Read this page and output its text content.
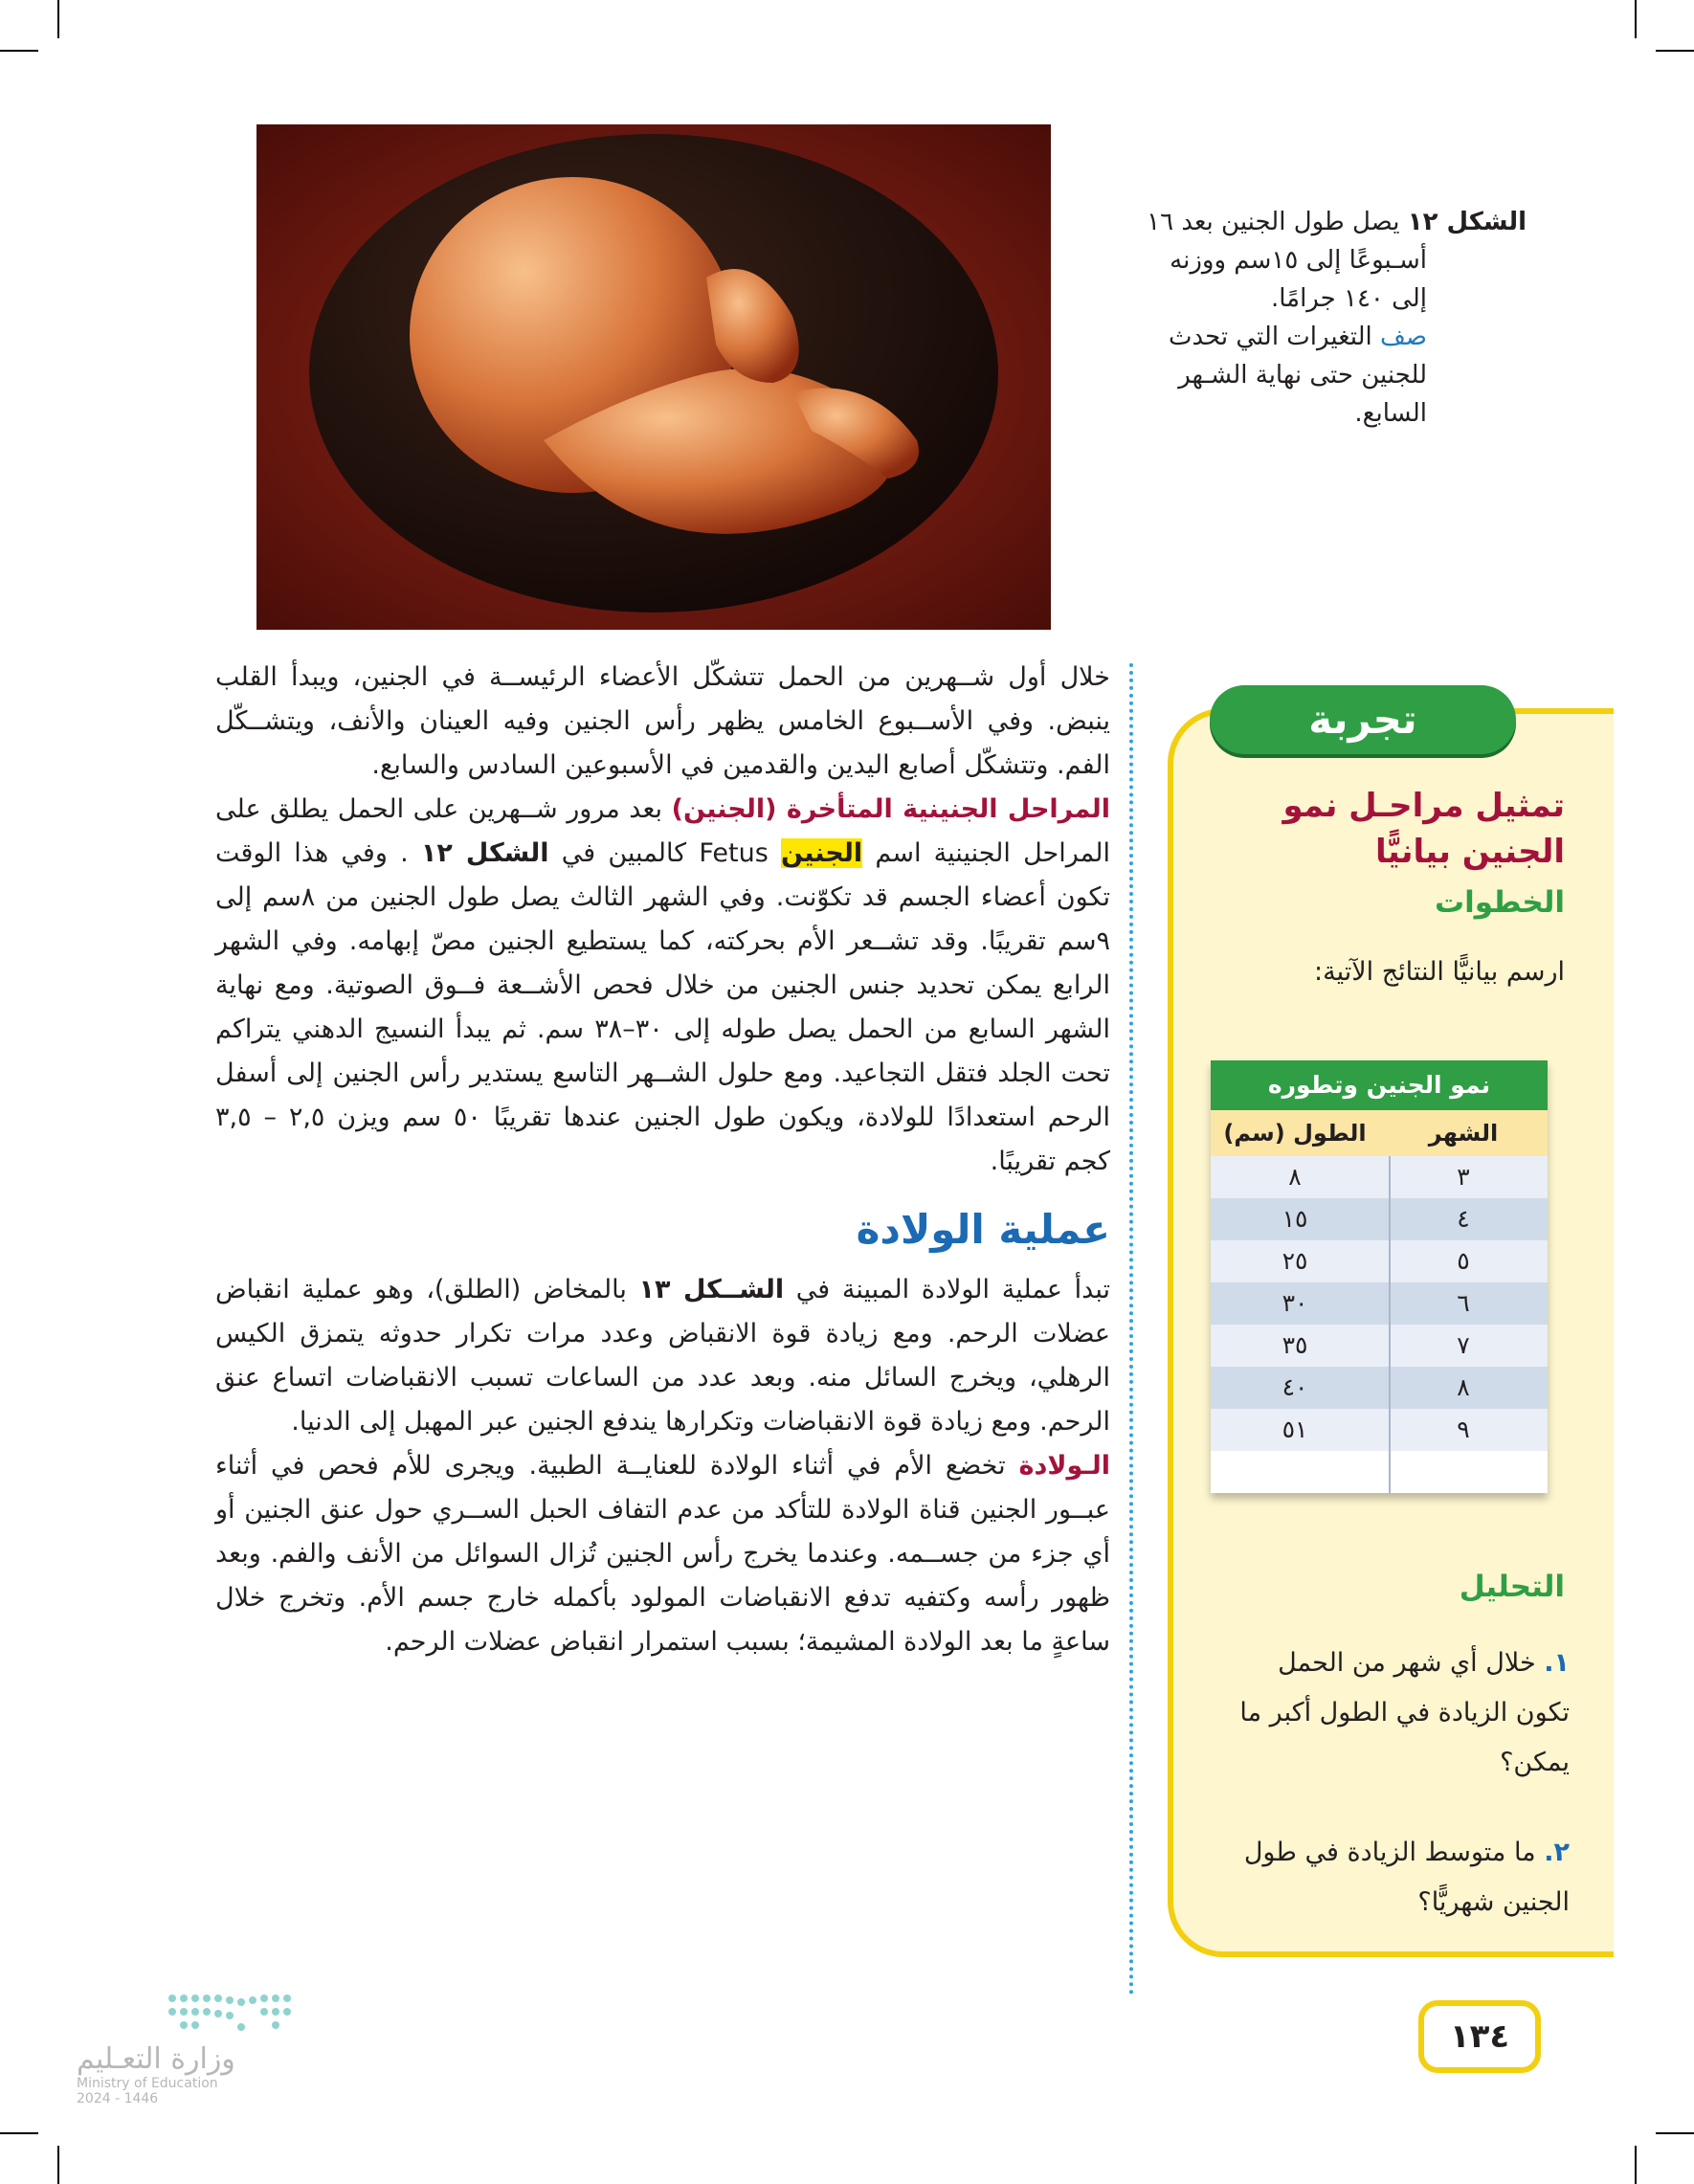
الشكل ١٢ يصل طول الجنين بعد ١٦
أسـبوعًا إلى ١٥سم ووزنه
إلى ١٤٠ جرامًا.
صف التغيرات التي تحدث
للجنين حتى نهاية الشـهر
السابع.

خلال أول شــهرين من الحمل تتشكّل الأعضاء الرئيســة في الجنين، ويبدأ القلب ينبض. وفي الأســبوع الخامس يظهر رأس الجنين وفيه العينان والأنف، ويتشــكّل الفم. وتتشكّل أصابع اليدين والقدمين في الأسبوعين السادس والسابع.

المراحل الجنينية المتأخرة (الجنين) بعد مرور شــهرين على الحمل يطلق على المراحل الجنينية اسم الجنين Fetus كالمبين في الشكل ١٢ . وفي هذا الوقت تكون أعضاء الجسم قد تكوّنت. وفي الشهر الثالث يصل طول الجنين من ٨سم إلى ٩سم تقريبًا. وقد تشــعر الأم بحركته، كما يستطيع الجنين مصّ إبهامه. وفي الشهر الرابع يمكن تحديد جنس الجنين من خلال فحص الأشــعة فــوق الصوتية. ومع نهاية الشهر السابع من الحمل يصل طوله إلى ٣٠–٣٨ سم. ثم يبدأ النسيج الدهني يتراكم تحت الجلد فتقل التجاعيد. ومع حلول الشــهر التاسع يستدير رأس الجنين إلى أسفل الرحم استعدادًا للولادة، ويكون طول الجنين عندها تقريبًا ٥٠ سم ويزن ٢,٥ – ٣,٥ كجم تقريبًا.

عملية الولادة

تبدأ عملية الولادة المبينة في الشــكل ١٣ بالمخاض (الطلق)، وهو عملية انقباض عضلات الرحم. ومع زيادة قوة الانقباض وعدد مرات تكرار حدوثه يتمزق الكيس الرهلي، ويخرج السائل منه. وبعد عدد من الساعات تسبب الانقباضات اتساع عنق الرحم. ومع زيادة قوة الانقباضات وتكرارها يندفع الجنين عبر المهبل إلى الدنيا.

الـولادة تخضع الأم في أثناء الولادة للعنايــة الطبية. ويجرى للأم فحص في أثناء عبــور الجنين قناة الولادة للتأكد من عدم التفاف الحبل الســري حول عنق الجنين أو أي جزء من جســمه. وعندما يخرج رأس الجنين تُزال السوائل من الأنف والفم. وبعد ظهور رأسه وكتفيه تدفع الانقباضات المولود بأكمله خارج جسم الأم. وتخرج خلال ساعةٍ ما بعد الولادة المشيمة؛ بسبب استمرار انقباض عضلات الرحم.

تجربة
تمثيل مراحـل نمو الجنين بيانيًّا
الخطوات
ارسم بيانيًّا النتائج الآتية:
نمو الجنين وتطوره
الشهر
الطول (سم)
٣
٨
٤
١٥
٥
٢٥
٦
٣٠
٧
٣٥
٨
٤٠
٩
٥١
التحليل
١. خلال أي شهر من الحمل تكون الزيادة في الطول أكبر ما يمكن؟
٢. ما متوسط الزيادة في طول الجنين شهريًّا؟
١٣٤
وزارة التعـليم
Ministry of Education
2024 - 1446
